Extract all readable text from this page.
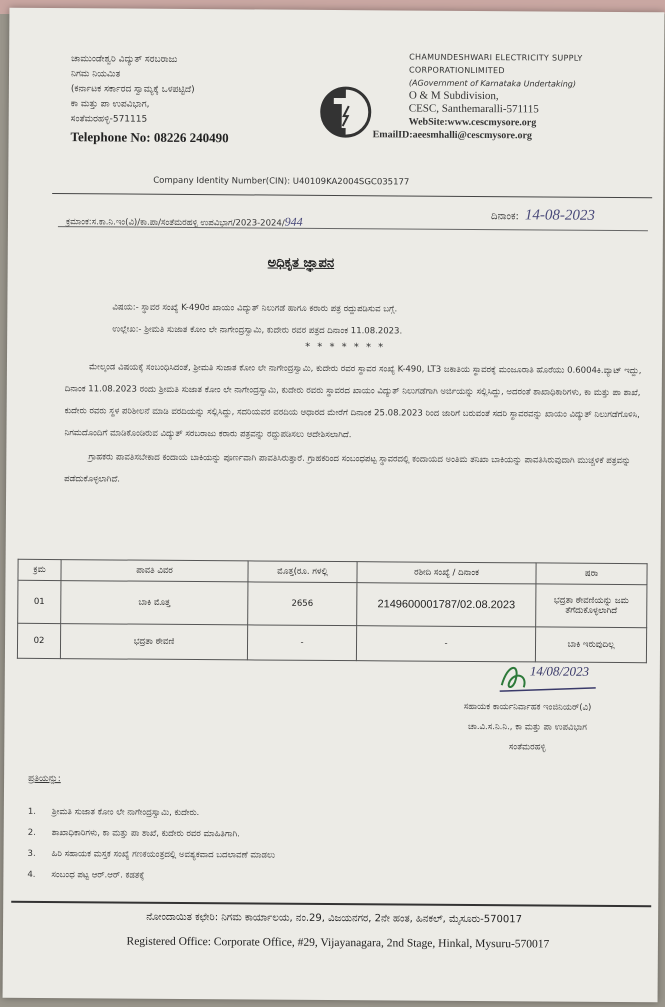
ಚಾಮುಂಡೇಶ್ವರಿ ವಿದ್ಯುತ್ ಸರಬರಾಜು
ನಿಗಮ ನಿಯಮಿತ
(ಕರ್ನಾಟಕ ಸರ್ಕಾರದ ಸ್ವಾಮ್ಯಕ್ಕೆ ಒಳಪಟ್ಟಿದೆ)
ಕಾ ಮತ್ತು ಪಾ ಉಪವಿಭಾಗ,
ಸಂತೆಮರಹಳ್ಳಿ-571115
Telephone No: 08226 240490
CHAMUNDESHWARI ELECTRICITY SUPPLY
CORPORATIONLIMITED
(AGovernment of Karnataka Undertaking)
O & M Subdivision,
CESC, Santhemaralli-571115
WebSite:www.cescmysore.org
EmailID:aeesmhalli@cescmysore.org
Company Identity Number(CIN): U40109KA2004SGC035177
ಕ್ರಮಾಂಕ:ಸ.ಕಾ.ನಿ.ಇಂ(ವಿ)/ಕಾ.ಪಾ/ಸಂತೆಮರಹಳ್ಳಿ ಉಪವಿಭಾಗ/2023-2024/944	ದಿನಾಂಕ: 14-08-2023
ಅಧಿಕೃತ ಜ್ಞಾಪನ
ವಿಷಯ:- ಸ್ಥಾವರ ಸಂಖ್ಯೆ K-490ರ ಖಾಯಂ ವಿದ್ಯುತ್ ನಿಲುಗಡೆ ಹಾಗೂ ಕರಾರು ಪತ್ರ ರದ್ದುಪಡಿಸುವ ಬಗ್ಗೆ.
ಉಲ್ಲೇಖ:- ಶ್ರೀಮತಿ ಸುಜಾತ ಕೋಂ ಲೇ ನಾಗೇಂದ್ರಸ್ವಾಮಿ, ಕುದೇರು ರವರ ಪತ್ರದ ದಿನಾಂಕ 11.08.2023.
* * * * * * *

ಮೇಲ್ಕಂಡ ವಿಷಯಕ್ಕೆ ಸಂಬಂಧಿಸಿದಂತೆ, ಶ್ರೀಮತಿ ಸುಜಾತ ಕೋಂ ಲೇ ನಾಗೇಂದ್ರಸ್ವಾಮಿ, ಕುದೇರು ರವರ ಸ್ಥಾವರ ಸಂಖ್ಯೆ K-490, LT3 ಜಕಾತಿಯ ಸ್ಥಾವರಕ್ಕೆ ಮಂಜೂರಾತಿ ಹೊರೆಯು 0.6004ಕಿ.ವ್ಯಾಟ್ ಇದ್ದು, ದಿನಾಂಕ 11.08.2023 ರಂದು ಶ್ರೀಮತಿ ಸುಜಾತ ಕೋಂ ಲೇ ನಾಗೇಂದ್ರಸ್ವಾಮಿ, ಕುದೇರು ರವರು ಸ್ಥಾವರದ ಖಾಯಂ ವಿದ್ಯುತ್ ನಿಲುಗಡೆಗಾಗಿ ಅರ್ಜಿಯನ್ನು ಸಲ್ಲಿಸಿದ್ದು, ಅದರಂತೆ ಶಾಖಾಧಿಕಾರಿಗಳು, ಕಾ ಮತ್ತು ಪಾ ಶಾಖೆ, ಕುದೇರು ರವರು ಸ್ಥಳ ಪರಿಶೀಲನೆ ಮಾಡಿ ವರದಿಯನ್ನು ಸಲ್ಲಿಸಿದ್ದು, ಸದರಿಯವರ ವರದಿಯ ಆಧಾರದ ಮೇರೆಗೆ ದಿನಾಂಕ 25.08.2023 ರಿಂದ ಜಾರಿಗೆ ಬರುವಂತೆ ಸದರಿ ಸ್ಥಾವರವನ್ನು ಖಾಯಂ ವಿದ್ಯುತ್ ನಿಲುಗಡೆಗೊಳಿಸಿ, ನಿಗಮದೊಂದಿಗೆ ಮಾಡಿಕೊಂಡಿರುವ ವಿದ್ಯುತ್ ಸರಬರಾಜು ಕರಾರು ಪತ್ರವನ್ನು ರದ್ದುಪಡಿಸಲು ಆದೇಶಿಸಲಾಗಿದೆ.

ಗ್ರಾಹಕರು ಪಾವತಿಸಬೇಕಾದ ಕಂದಾಯ ಬಾಕಿಯನ್ನು ಪೂರ್ಣವಾಗಿ ಪಾವತಿಸಿರುತ್ತಾರೆ. ಗ್ರಾಹಕರಿಂದ ಸಂಬಂಧಪಟ್ಟ ಸ್ಥಾವರದಲ್ಲಿ ಕಂದಾಯದ ಅಂತಿಮ ತನಿಖಾ ಬಾಕಿಯನ್ನು ಪಾವತಿಸಿರುವುದಾಗಿ ಮುಚ್ಚಳಿಕೆ ಪತ್ರವನ್ನು ಪಡೆದುಕೊಳ್ಳಲಾಗಿದೆ.

ಕ್ರಮ	ಪಾವತಿ ವಿವರ	ಮೊತ್ತ(ರೂ. ಗಳಲ್ಲಿ	ರಶೀದಿ ಸಂಖ್ಯೆ / ದಿನಾಂಕ	ಷರಾ
01	ಬಾಕಿ ಮೊತ್ತ	2656	2149600001787/02.08.2023	ಭದ್ರತಾ ಠೇವಣಿಯನ್ನು ಜಮ ತೆಗೆದುಕೊಳ್ಳಲಾಗಿದೆ
02	ಭದ್ರತಾ ಠೇವಣಿ	-	-	ಬಾಕಿ ಇರುವುದಿಲ್ಲ
14/08/2023
ಸಹಾಯಕ ಕಾರ್ಯನಿರ್ವಾಹಕ ಇಂಜಿನಿಯರ್(ವಿ)
ಚಾ.ವಿ.ಸ.ನಿ.ನಿ., ಕಾ ಮತ್ತು ಪಾ ಉಪವಿಭಾಗ
ಸಂತೆಮರಹಳ್ಳಿ
ಪ್ರತಿಯನ್ನು:
1. ಶ್ರೀಮತಿ ಸುಜಾತ ಕೋಂ ಲೇ ನಾಗೇಂದ್ರಸ್ವಾಮಿ, ಕುದೇರು.
2. ಶಾಖಾಧಿಕಾರಿಗಳು, ಕಾ ಮತ್ತು ಪಾ ಶಾಖೆ, ಕುದೇರು ರವರ ಮಾಹಿತಿಗಾಗಿ.
3. ಹಿರಿ ಸಹಾಯಕ ಮಸ್ತಕ ಸಂಖ್ಯೆ ಗಣಕಯಂತ್ರದಲ್ಲಿ ಅವಶ್ಯಕವಾದ ಬದಲಾವಣೆ ಮಾಡಲು
4. ಸಂಬಂಧ ಪಟ್ಟ ಆರ್.ಆರ್. ಕಡತಕ್ಕೆ
ನೋಂದಾಯಿತ ಕಛೇರಿ: ನಿಗಮ ಕಾರ್ಯಾಲಯ, ನಂ.29, ವಿಜಯನಗರ, 2ನೇ ಹಂತ, ಹಿನಕಲ್, ಮೈಸೂರು-570017
Registered Office: Corporate Office, #29, Vijayanagara, 2nd Stage, Hinkal, Mysuru-570017
